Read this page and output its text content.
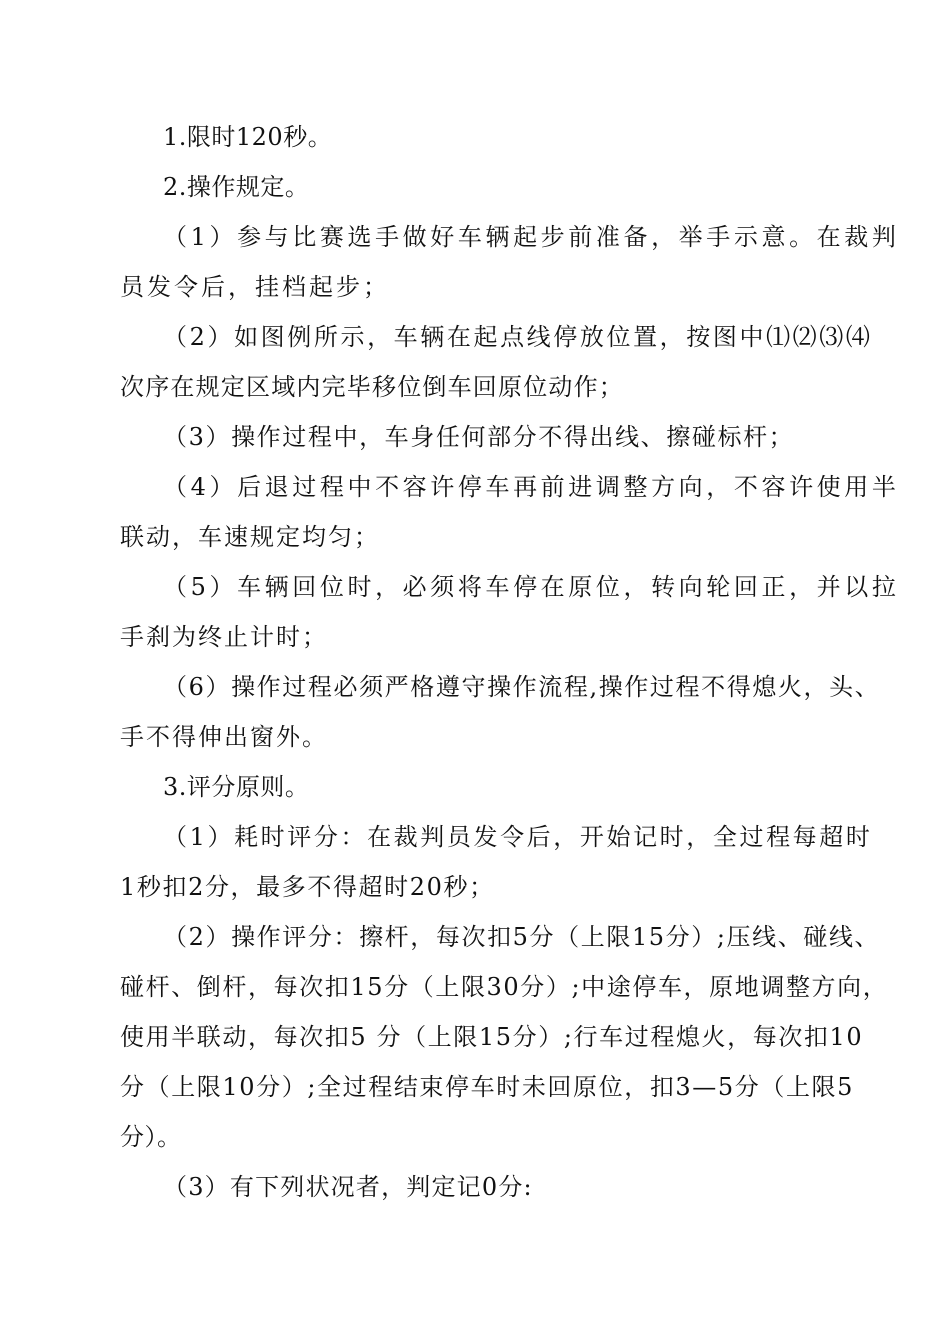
1.限时120秒。
2.操作规定。
（1）参与比赛选手做好车辆起步前准备，举手示意。在裁判
员发令后，挂档起步；
（2）如图例所示，车辆在起点线停放位置，按图中⑴⑵⑶⑷
次序在规定区域内完毕移位倒车回原位动作；
（3）操作过程中，车身任何部分不得出线、擦碰标杆；
（4）后退过程中不容许停车再前进调整方向，不容许使用半
联动，车速规定均匀；
（5）车辆回位时，必须将车停在原位，转向轮回正，并以拉
手刹为终止计时；
（6）操作过程必须严格遵守操作流程,操作过程不得熄火，头、
手不得伸出窗外。
3.评分原则。
（1）耗时评分：在裁判员发令后，开始记时，全过程每超时
1秒扣2分，最多不得超时20秒；
（2）操作评分：擦杆，每次扣5分（上限15分）;压线、碰线、
碰杆、倒杆，每次扣15分（上限30分）;中途停车，原地调整方向，
使用半联动，每次扣5 分（上限15分）;行车过程熄火，每次扣10
分（上限10分）;全过程结束停车时未回原位，扣3—5分（上限5
分）。
（3）有下列状况者，判定记0分:
